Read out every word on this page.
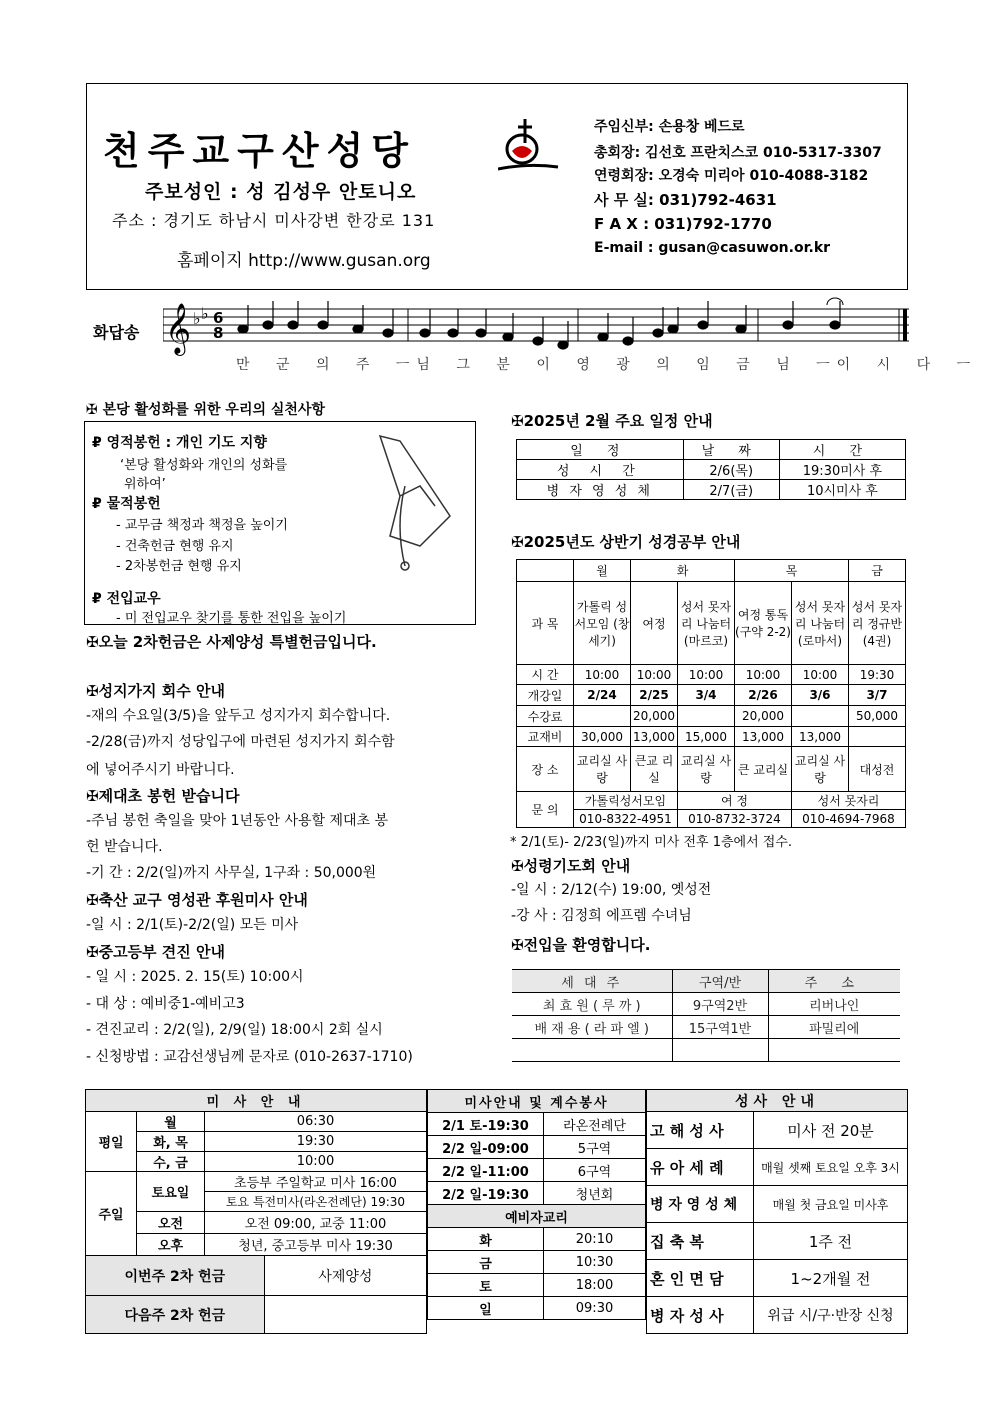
천주교구산성당
주보성인 : 성 김성우 안토니오
주소 : 경기도 하남시 미사강변 한강로 131
홈페이지 http://www.gusan.org
주임신부: 손용창 베드로
총회장: 김선호 프란치스코 010-5317-3307
연령회장: 오경숙 미리아 010-4088-3182
사 무 실: 031)792-4631
F A X : 031)792-1770
E-mail : gusan@casuwon.or.kr
화답송 𝄞 ♭ ♭ 6
8
만 군 의 주 ㅡ님 그 분 이 영 광 의 임 금 님 ㅡ이 시 다 ㅡ
✠ 본당 활성화를 위한 우리의 실천사항
₽ 영적봉헌 : 개인 기도 지향
‘본당 활성화와 개인의 성화를
위하여’
₽ 물적봉헌
- 교무금 책정과 책정을 높이기
- 건축헌금 현행 유지
- 2차봉헌금 현행 유지
₽ 전입교우
- 미 전입교우 찾기를 통한 전입을 높이기
✠오늘 2차헌금은 사제양성 특별헌금입니다.
✠성지가지 회수 안내
-재의 수요일(3/5)을 앞두고 성지가지 회수합니다.
-2/28(금)까지 성당입구에 마련된 성지가지 회수함
에 넣어주시기 바랍니다.
✠제대초 봉헌 받습니다
-주님 봉헌 축일을 맞아 1년동안 사용할 제대초 봉
헌 받습니다.
-기 간 : 2/2(일)까지 사무실, 1구좌 : 50,000원
✠축산 교구 영성관 후원미사 안내
-일 시 : 2/1(토)-2/2(일) 모든 미사
✠중고등부 견진 안내
- 일 시 : 2025. 2. 15(토) 10:00시
- 대 상 : 예비중1-예비고3
- 견진교리 : 2/2(일), 2/9(일) 18:00시 2회 실시
- 신청방법 : 교감선생님께 문자로 (010-2637-1710)
✠2025년 2월 주요 일정 안내
일 정	날 짜	시 간
성 시 간	2/6(목)	19:30미사 후
병 자 영 성 체	2/7(금)	10시미사 후
✠2025년도 상반기 성경공부 안내
	월	화		목		금
과 목	가톨릭 성서모임 (창세기)	여정	성서 못자리 나눔터 (마르코)	여정 통독 (구약 2-2)	성서 못자리 나눔터 (로마서)	성서 못자리 정규반 (4권)
시 간	10:00	10:00	10:00	10:00	10:00	19:30
개강일	2/24	2/25	3/4	2/26	3/6	3/7
수강료		20,000		20,000		50,000
교재비	30,000	13,000	15,000	13,000	13,000	
장 소	교리실 사랑	큰교 리실	교리실 사랑	큰 교리실	교리실 사랑	대성전
문 의	가톨릭성서모임		여 정		성서 못자리	
	010-8322-4951		010-8732-3724		010-4694-7968	
* 2/1(토)- 2/23(일)까지 미사 전후 1층에서 접수.
✠성령기도회 안내
-일 시 : 2/12(수) 19:00, 옛성전
-강 사 : 김정희 에프렘 수녀님
✠전입을 환영합니다.
세 대 주	구역/반	주 소
최 효 원 ( 루 까 )	9구역2반	리버나인
배 재 용 ( 라 파 엘 )	15구역1반	파밀리에

미 사 안 내			
평일	월	06:30	
	화, 목	19:30	
	수, 금	10:00	
주일	토요일	초등부 주일학교 미사 16:00	
		토요 특전미사(라온전례단) 19:30	
	오전	오전 09:00, 교중 11:00	
	오후	청년, 중고등부 미사 19:30	
이번주 2차 헌금			사제양성
다음주 2차 헌금			
미사안내 및 계수봉사	
2/1 토-19:30	라온전례단
2/2 일-09:00	5구역
2/2 일-11:00	6구역
2/2 일-19:30	청년회
예비자교리	
화	20:10
금	10:30
토	18:00
일	09:30
성사 안내	
고 해 성 사	미사 전 20분
유 아 세 례	매월 셋째 토요일 오후 3시
병 자 영 성 체	매월 첫 금요일 미사후
집 축 복	1주 전
혼 인 면 담	1~2개월 전
병 자 성 사	위급 시/구·반장 신청
